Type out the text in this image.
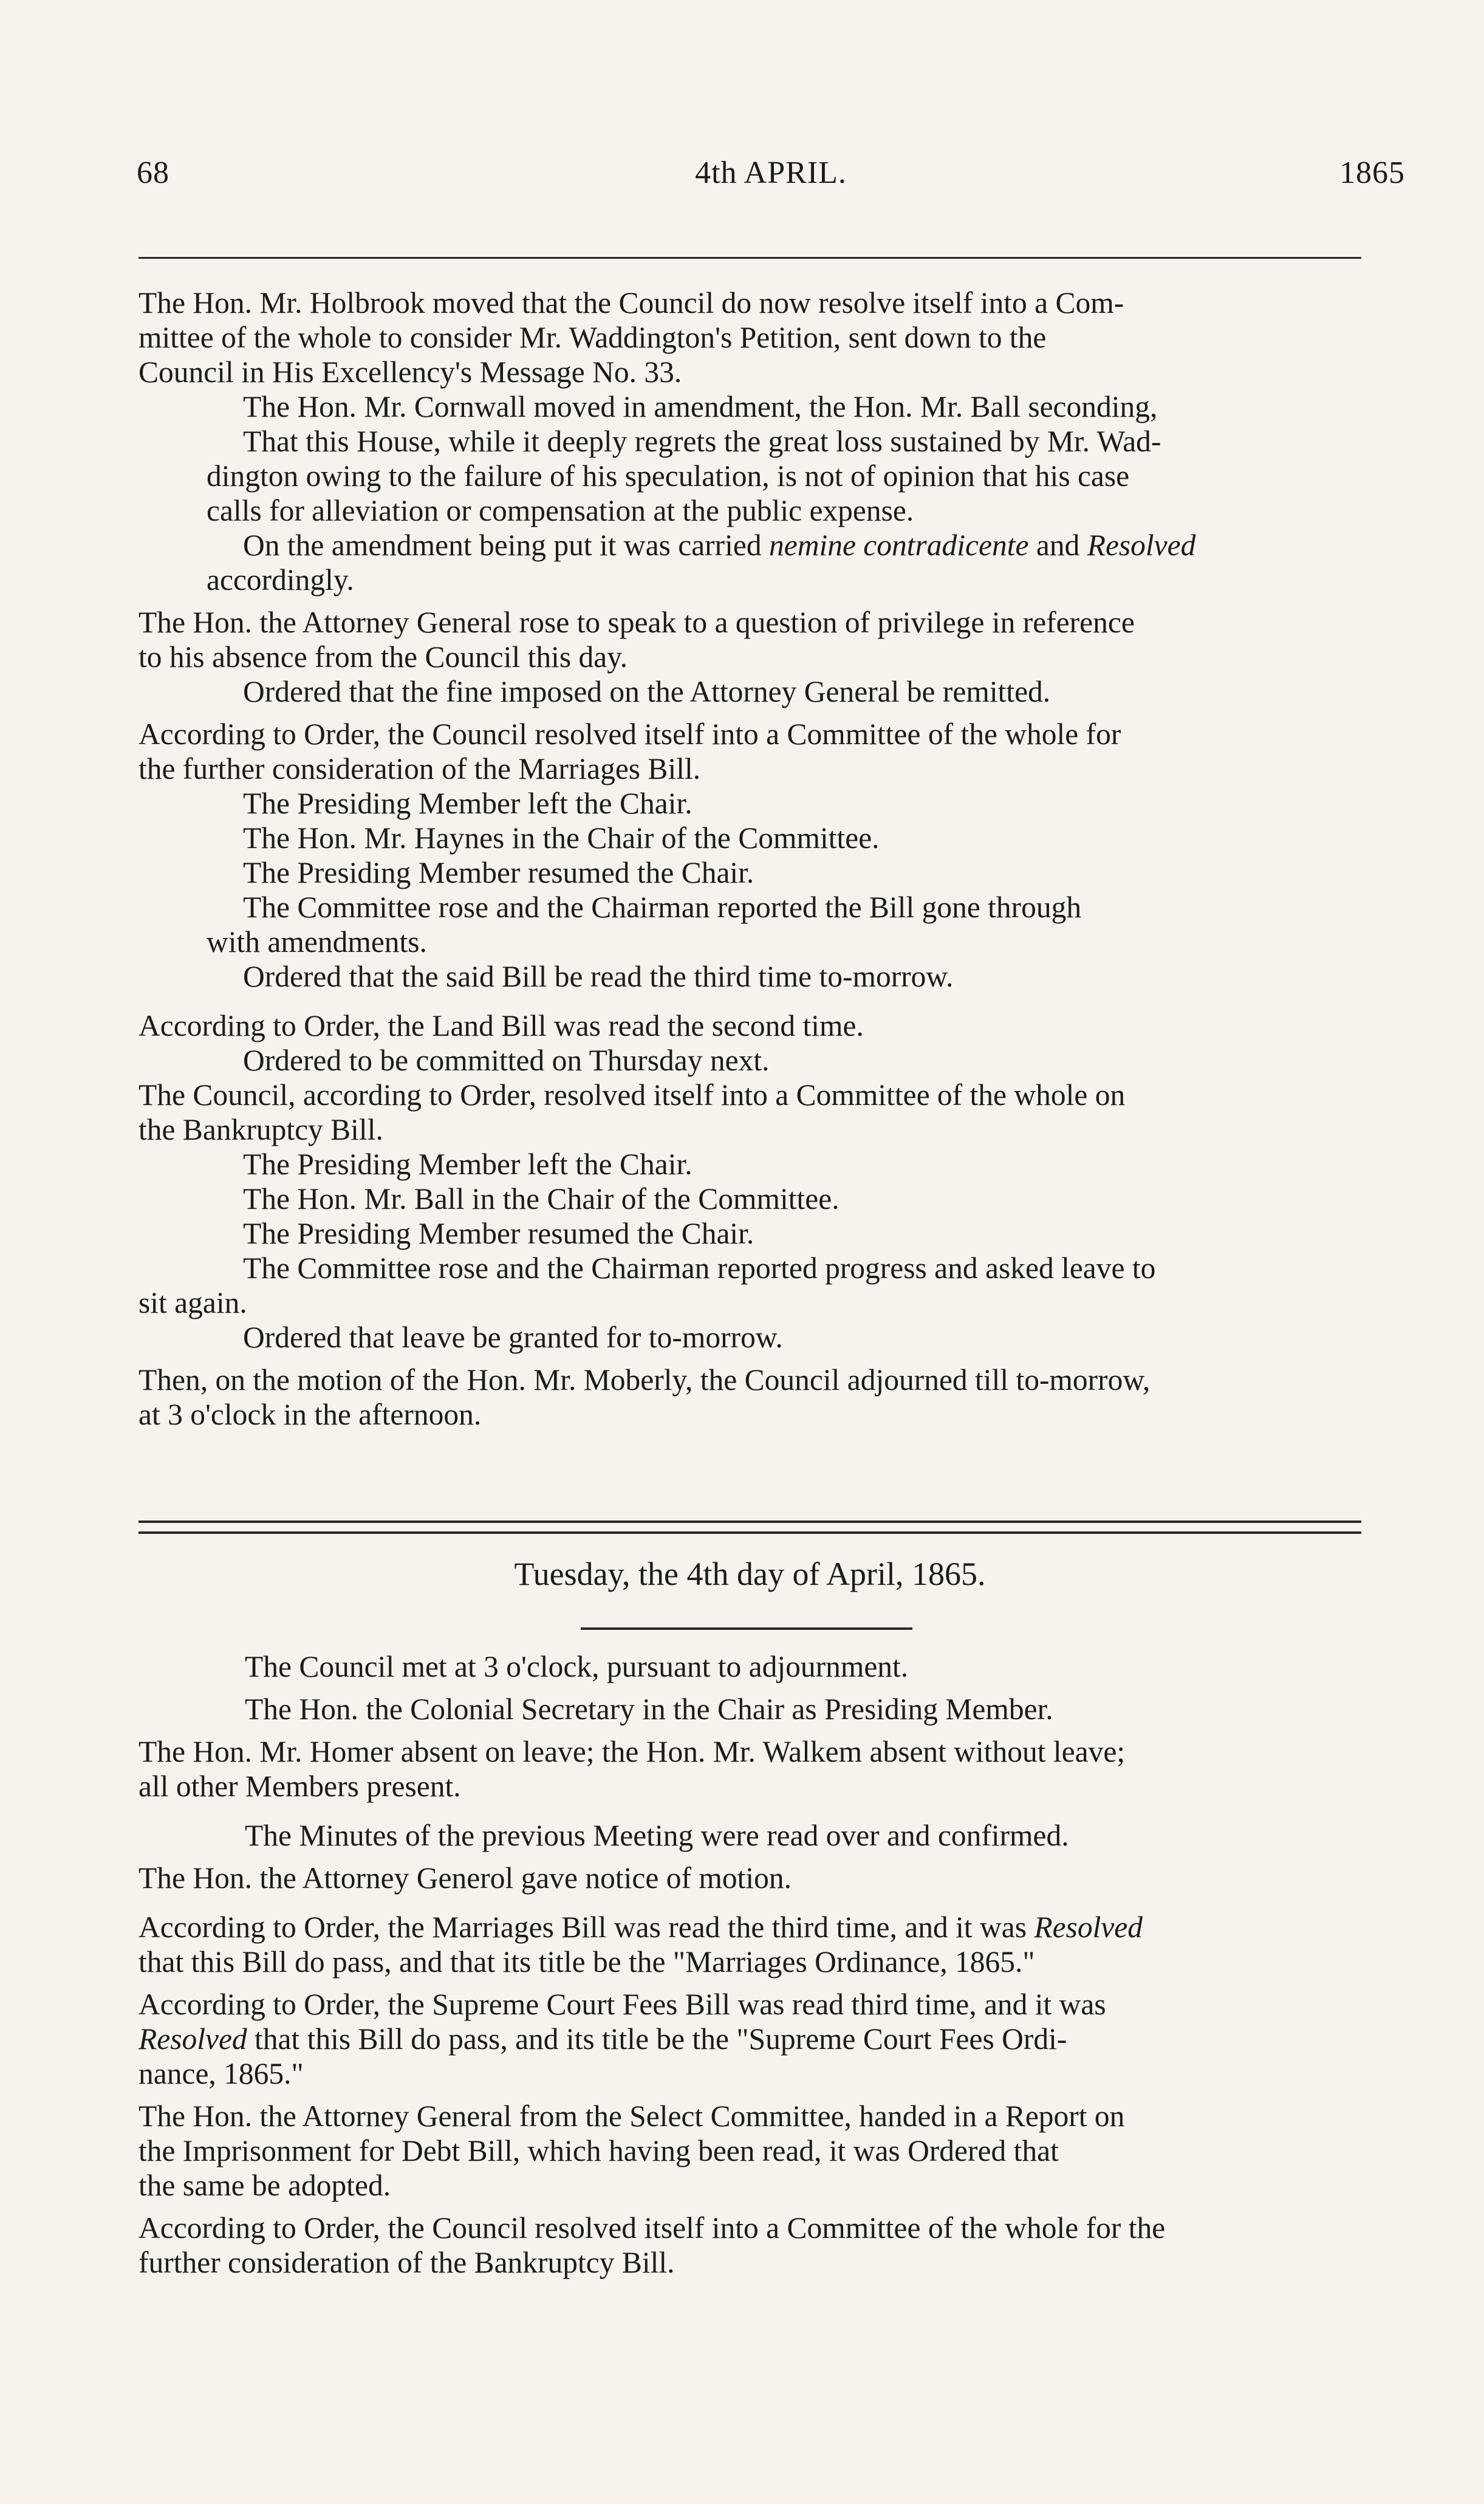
68	4th APRIL.	1865

The Hon. Mr. Holbrook moved that the Council do now resolve itself into a Com-

mittee of the whole to consider Mr. Waddington's Petition, sent down to the

Council in His Excellency's Message No. 33.

The Hon. Mr. Cornwall moved in amendment, the Hon. Mr. Ball seconding,

That this House, while it deeply regrets the great loss sustained by Mr. Wad-

dington owing to the failure of his speculation, is not of opinion that his case

calls for alleviation or compensation at the public expense.

On the amendment being put it was carried nemine contradicente and Resolved

accordingly.

The Hon. the Attorney General rose to speak to a question of privilege in reference

to his absence from the Council this day.

Ordered that the fine imposed on the Attorney General be remitted.

According to Order, the Council resolved itself into a Committee of the whole for

the further consideration of the Marriages Bill.

The Presiding Member left the Chair.

The Hon. Mr. Haynes in the Chair of the Committee.

The Presiding Member resumed the Chair.

The Committee rose and the Chairman reported the Bill gone through

with amendments.

Ordered that the said Bill be read the third time to-morrow.

According to Order, the Land Bill was read the second time.

Ordered to be committed on Thursday next.

The Council, according to Order, resolved itself into a Committee of the whole on

the Bankruptcy Bill.

The Presiding Member left the Chair.

The Hon. Mr. Ball in the Chair of the Committee.

The Presiding Member resumed the Chair.

The Committee rose and the Chairman reported progress and asked leave to

sit again.

Ordered that leave be granted for to-morrow.

Then, on the motion of the Hon. Mr. Moberly, the Council adjourned till to-morrow,

at 3 o'clock in the afternoon.

Tuesday, the 4th day of April, 1865.

The Council met at 3 o'clock, pursuant to adjournment.

The Hon. the Colonial Secretary in the Chair as Presiding Member.

The Hon. Mr. Homer absent on leave; the Hon. Mr. Walkem absent without leave;

all other Members present.

The Minutes of the previous Meeting were read over and confirmed.

The Hon. the Attorney Generol gave notice of motion.

According to Order, the Marriages Bill was read the third time, and it was Resolved

that this Bill do pass, and that its title be the "Marriages Ordinance, 1865."

According to Order, the Supreme Court Fees Bill was read third time, and it was

Resolved that this Bill do pass, and its title be the "Supreme Court Fees Ordi-

nance, 1865."

The Hon. the Attorney General from the Select Committee, handed in a Report on

the Imprisonment for Debt Bill, which having been read, it was Ordered that

the same be adopted.

According to Order, the Council resolved itself into a Committee of the whole for the

further consideration of the Bankruptcy Bill.
